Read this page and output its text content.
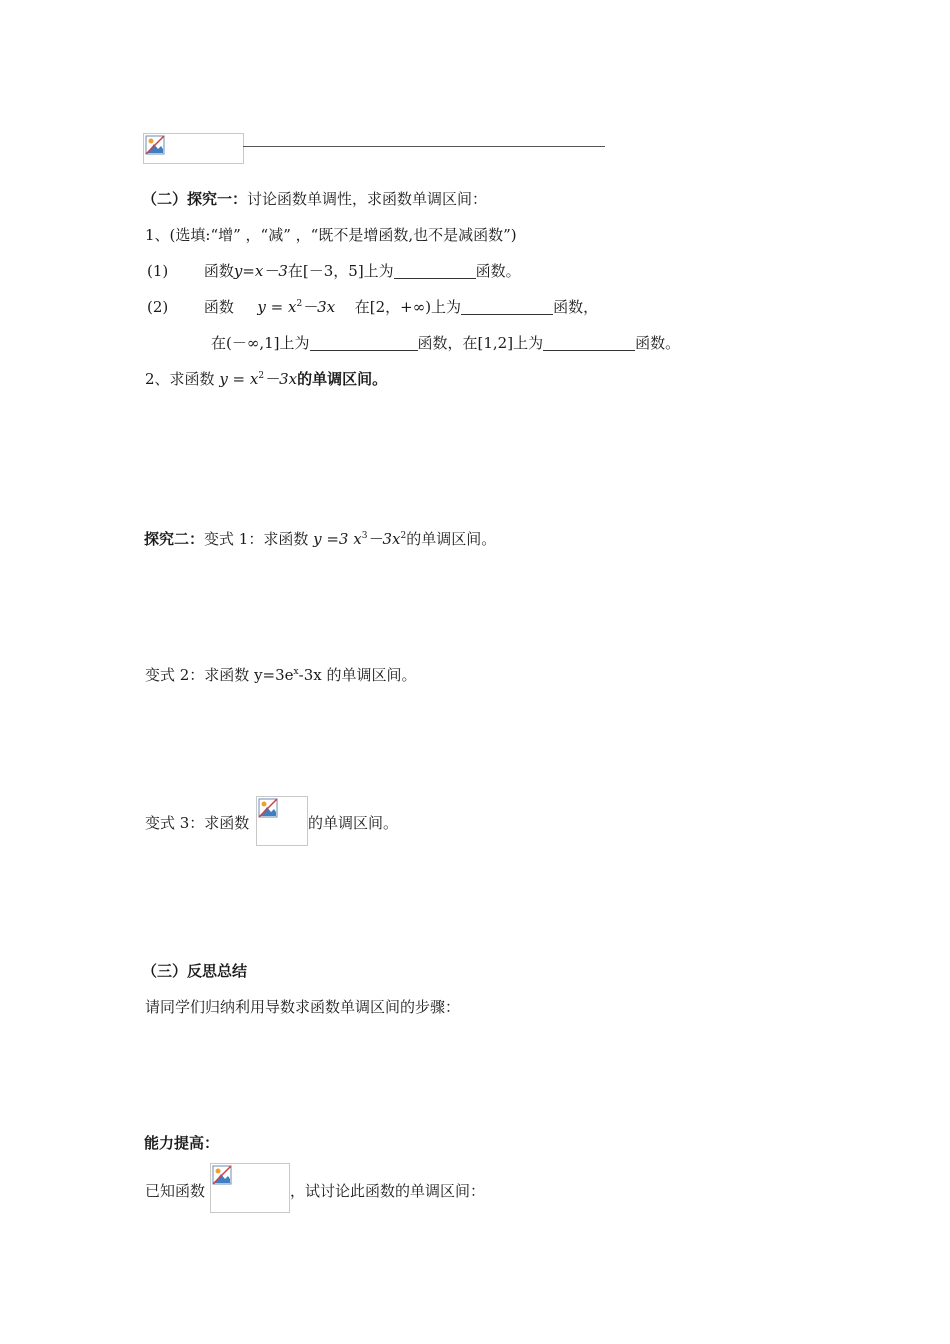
（二）探究一：讨论函数单调性，求函数单调区间：
1、(选填:“增” ，“减” ，“既不是增函数,也不是减函数”)
(1) 函数y=x－3在[－3，5]上为	函数。
(2) 函数 $y = x^2-3x$ 在[2，+∞)上为	函数，
在(－∞,1]上为	函数，在[1,2]上为	函数。
2、求函数 $y = x^2-3x$的单调区间。
探究二：变式 1：求函数 y =3 $x^3-3x^2$的单调区间。
变式 2：求函数 $y=3e^x-3x$ 的单调区间。
变式 3：求函数	的单调区间。
（三）反思总结
请同学们归纳利用导数求函数单调区间的步骤：
能力提高：
已知函数	，试讨论此函数的单调区间：
